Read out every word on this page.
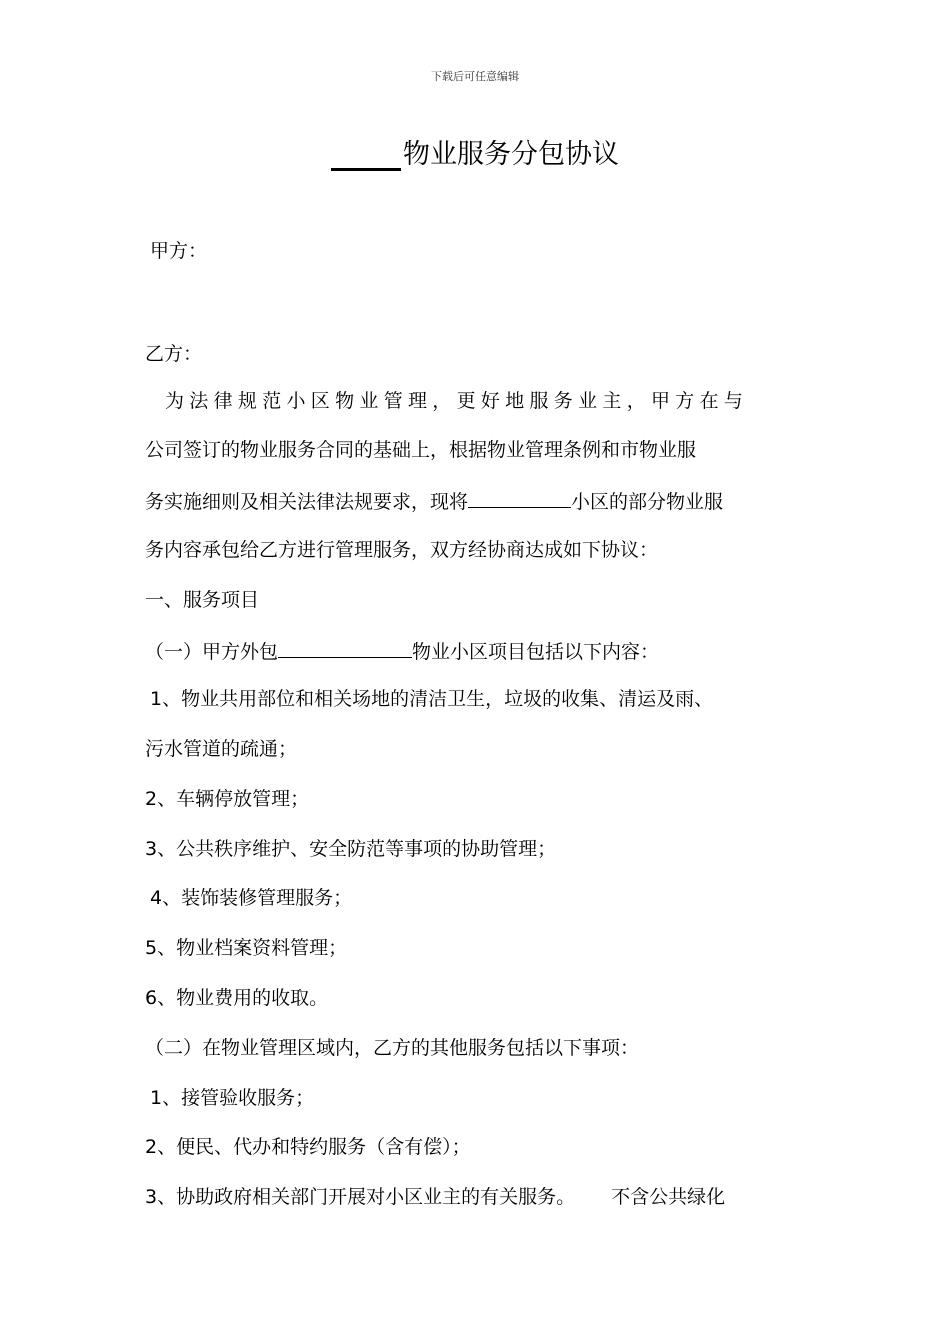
下载后可任意编辑
物业服务分包协议
甲方：
乙方：
为法律规范小区物业管理，更好地服务业主，甲方在与
公司签订的物业服务合同的基础上，根据物业管理条例和市物业服
务实施细则及相关法律法规要求，现将	小区的部分物业服
务内容承包给乙方进行管理服务，双方经协商达成如下协议：
一、服务项目
（一）甲方外包	物业小区项目包括以下内容：
1、物业共用部位和相关场地的清洁卫生，垃圾的收集、清运及雨、
污水管道的疏通；
2、车辆停放管理；
3、公共秩序维护、安全防范等事项的协助管理；
4、装饰装修管理服务；
5、物业档案资料管理；
6、物业费用的收取。
（二）在物业管理区域内，乙方的其他服务包括以下事项：
1、接管验收服务；
2、便民、代办和特约服务（含有偿）；
3、协助政府相关部门开展对小区业主的有关服务。 不含公共绿化
